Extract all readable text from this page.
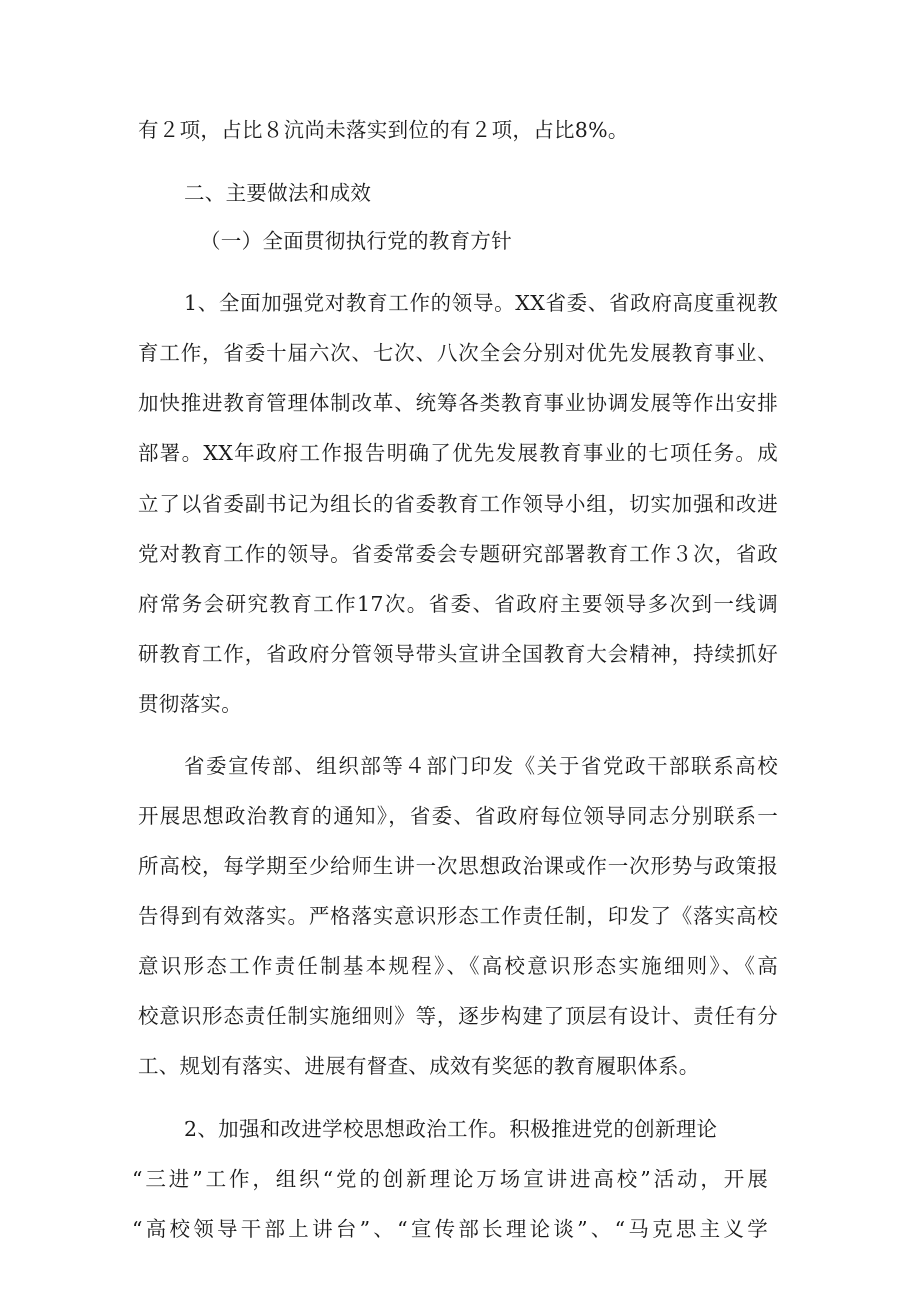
有２项，占比８沆尚未落实到位的有２项，占比8%。
二、主要做法和成效
（一）全面贯彻执行党的教育方针
1、全面加强党对教育工作的领导。XX省委、省政府高度重视教
育工作，省委十届六次、七次、八次全会分别对优先发展教育事业、
加快推进教育管理体制改革、统筹各类教育事业协调发展等作出安排
部署。XX年政府工作报告明确了优先发展教育事业的七项任务。成
立了以省委副书记为组长的省委教育工作领导小组，切实加强和改进
党对教育工作的领导。省委常委会专题研究部署教育工作３次，省政
府常务会研究教育工作17次。省委、省政府主要领导多次到一线调
研教育工作，省政府分管领导带头宣讲全国教育大会精神，持续抓好
贯彻落实。
省委宣传部、组织部等４部门印发《关于省党政干部联系高校
开展思想政治教育的通知》，省委、省政府每位领导同志分别联系一
所高校，每学期至少给师生讲一次思想政治课或作一次形势与政策报
告得到有效落实。严格落实意识形态工作责任制，印发了《落实高校
意识形态工作责任制基本规程》、《高校意识形态实施细则》、《高
校意识形态责任制实施细则》等，逐步构建了顶层有设计、责任有分
工、规划有落实、进展有督查、成效有奖惩的教育履职体系。
2、加强和改进学校思想政治工作。积极推进党的创新理论
“三进”工作，组织“党的创新理论万场宣讲进高校”活动，开展
“高校领导干部上讲台”、“宣传部长理论谈”、“马克思主义学
